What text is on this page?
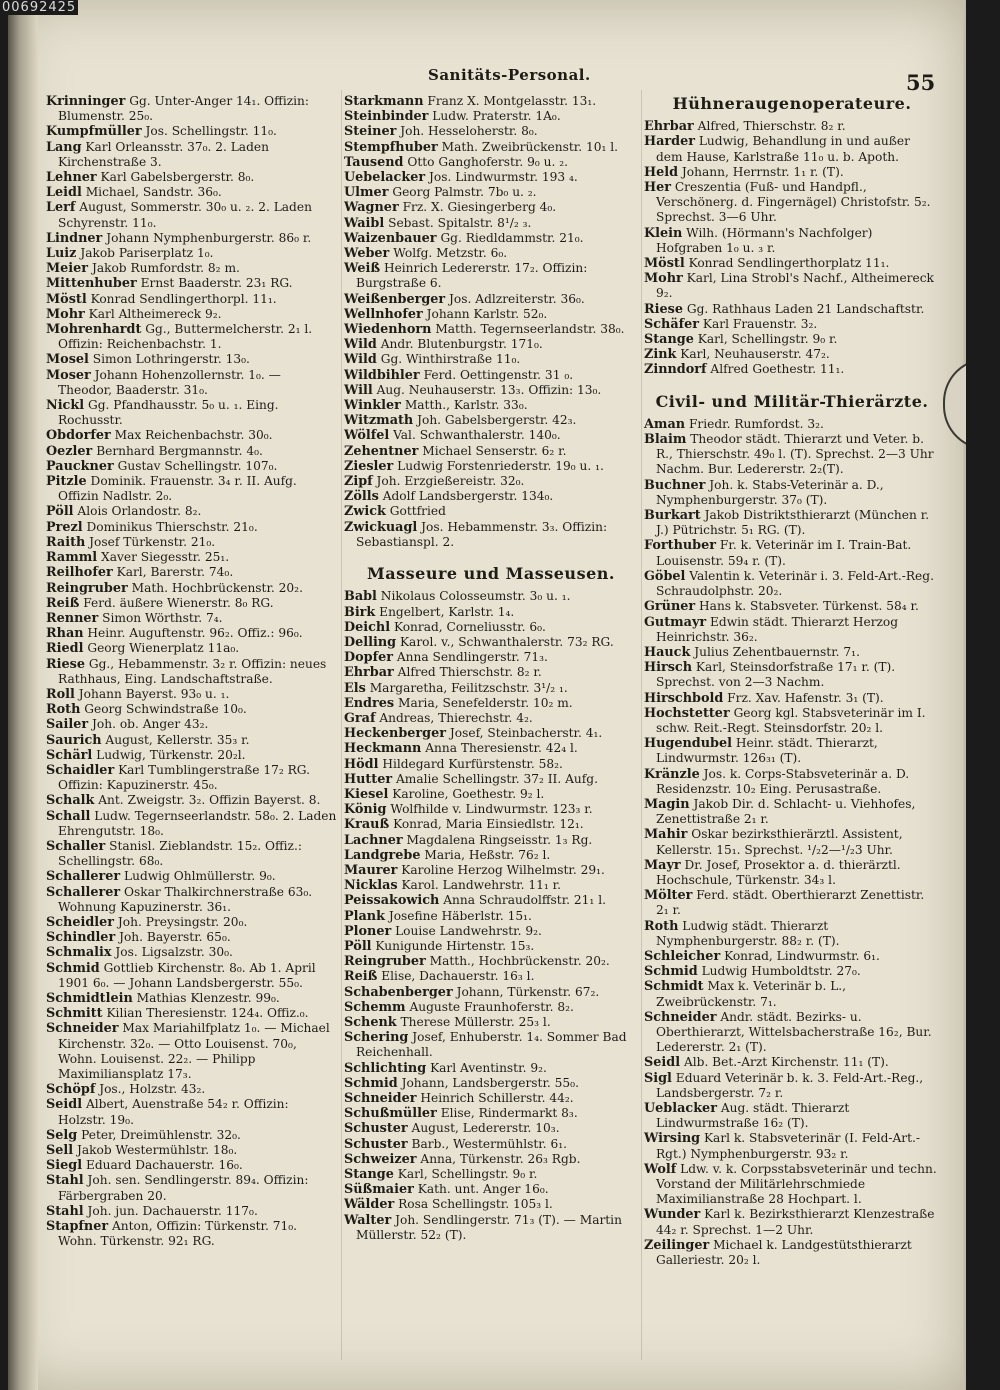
Sanitäts-Personal.	55
Krinninger Gg. Unter-Anger 14₁. Offizin: Blumenstr. 25₀.
Kumpfmüller Jos. Schellingstr. 11₀.
Lang Karl Orleansstr. 37₀. 2. Laden Kirchenstraße 3.
Lehner Karl Gabelsbergerstr. 8₀.
Leidl Michael, Sandstr. 36₀.
Lerf August, Sommerstr. 30₀ u. ₂. 2. Laden Schyrenstr. 11₀.
Lindner Johann Nymphenburgerstr. 86₀ r.
Luiz Jakob Pariserplatz 1₀.
Meier Jakob Rumfordstr. 8₂ m.
Mittenhuber Ernst Baaderstr. 23₁ RG.
Möstl Konrad Sendlingerthorpl. 11₁.
Mohr Karl Altheimereck 9₂.
Mohrenhardt Gg., Buttermelcherstr. 2₁ l. Offizin: Reichenbachstr. 1.
Mosel Simon Lothringerstr. 13₀.
Moser Johann Hohenzollernstr. 1₀. — Theodor, Baaderstr. 31₀.
Nickl Gg. Pfandhausstr. 5₀ u. ₁. Eing. Rochusstr.
Obdorfer Max Reichenbachstr. 30₀.
Oezler Bernhard Bergmannstr. 4₀.
Pauckner Gustav Schellingstr. 107₀.
Pitzle Dominik. Frauenstr. 3₄ r. II. Aufg. Offizin Nadlstr. 2₀.
Pöll Alois Orlandostr. 8₂.
Prezl Dominikus Thierschstr. 21₀.
Raith Josef Türkenstr. 21₀.
Ramml Xaver Siegesstr. 25₁.
Reilhofer Karl, Barerstr. 74₀.
Reingruber Math. Hochbrückenstr. 20₂.
Reiß Ferd. äußere Wienerstr. 8₀ RG.
Renner Simon Wörthstr. 7₄.
Rhan Heinr. Auguftenstr. 96₂. Offiz.: 96₀.
Riedl Georg Wienerplatz 11a₀.
Riese Gg., Hebammenstr. 3₂ r. Offizin: neues Rathhaus, Eing. Landschaftstraße.
Roll Johann Bayerst. 93₀ u. ₁.
Roth Georg Schwindstraße 10₀.
Sailer Joh. ob. Anger 43₂.
Saurich August, Kellerstr. 35₃ r.
Schärl Ludwig, Türkenstr. 20₂l.
Schaidler Karl Tumblingerstraße 17₂ RG. Offizin: Kapuzinerstr. 45₀.
Schalk Ant. Zweigstr. 3₂. Offizin Bayerst. 8.
Schall Ludw. Tegernseerlandstr. 58₀. 2. Laden Ehrengutstr. 18₀.
Schaller Stanisl. Zieblandstr. 15₂. Offiz.: Schellingstr. 68₀.
Schallerer Ludwig Ohlmüllerstr. 9₀.
Schallerer Oskar Thalkirchnerstraße 63₀. Wohnung Kapuzinerstr. 36₁.
Scheidler Joh. Preysingstr. 20₀.
Schindler Joh. Bayerstr. 65₀.
Schmalix Jos. Ligsalzstr. 30₀.
Schmid Gottlieb Kirchenstr. 8₀. Ab 1. April 1901 6₀. — Johann Landsbergerstr. 55₀.
Schmidtlein Mathias Klenzestr. 99₀.
Schmitt Kilian Theresienstr. 124₄. Offiz.₀.
Schneider Max Mariahilfplatz 1₀. — Michael Kirchenstr. 32₀. — Otto Louisenst. 70₀, Wohn. Louisenst. 22₂. — Philipp Maximiliansplatz 17₃.
Schöpf Jos., Holzstr. 43₂.
Seidl Albert, Auenstraße 54₂ r. Offizin: Holzstr. 19₀.
Selg Peter, Dreimühlenstr. 32₀.
Sell Jakob Westermühlstr. 18₀.
Siegl Eduard Dachauerstr. 16₀.
Stahl Joh. sen. Sendlingerstr. 89₄. Offizin: Färbergraben 20.
Stahl Joh. jun. Dachauerstr. 117₀.
Stapfner Anton, Offizin: Türkenstr. 71₀. Wohn. Türkenstr. 92₁ RG.
Starkmann Franz X. Montgelasstr. 13₁.
Steinbinder Ludw. Praterstr. 1A₀.
Steiner Joh. Hesseloherstr. 8₀.
Stempfhuber Math. Zweibrückenstr. 10₁ l.
Tausend Otto Ganghoferstr. 9₀ u. ₂.
Uebelacker Jos. Lindwurmstr. 193 ₄.
Ulmer Georg Palmstr. 7b₀ u. ₂.
Wagner Frz. X. Giesingerberg 4₀.
Waibl Sebast. Spitalstr. 8¹/₂ ₃.
Waizenbauer Gg. Riedldammstr. 21₀.
Weber Wolfg. Metzstr. 6₀.
Weiß Heinrich Ledererstr. 17₂. Offizin: Burgstraße 6.
Weißenberger Jos. Adlzreiterstr. 36₀.
Wellnhofer Johann Karlstr. 52₀.
Wiedenhorn Matth. Tegernseerlandstr. 38₀.
Wild Andr. Blutenburgstr. 171₀.
Wild Gg. Winthirstraße 11₀.
Wildbihler Ferd. Oettingenstr. 31 ₀.
Will Aug. Neuhauserstr. 13₃. Offizin: 13₀.
Winkler Matth., Karlstr. 33₀.
Witzmath Joh. Gabelsbergerstr. 42₃.
Wölfel Val. Schwanthalerstr. 140₀.
Zehentner Michael Senserstr. 6₂ r.
Ziesler Ludwig Forstenriederstr. 19₀ u. ₁.
Zipf Joh. Erzgießereistr. 32₀.
Zölls Adolf Landsbergerstr. 134₀.
Zwick Gottfried
Zwickuagl Jos. Hebammenstr. 3₃. Offizin: Sebastianspl. 2.
Masseure und Masseusen.
Babl Nikolaus Colosseumstr. 3₀ u. ₁.
Birk Engelbert, Karlstr. 1₄.
Deichl Konrad, Corneliusstr. 6₀.
Delling Karol. v., Schwanthalerstr. 73₂ RG.
Dopfer Anna Sendlingerstr. 71₃.
Ehrbar Alfred Thierschstr. 8₂ r.
Els Margaretha, Feilitzschstr. 3¹/₂ ₁.
Endres Maria, Senefelderstr. 10₂ m.
Graf Andreas, Thierechstr. 4₂.
Heckenberger Josef, Steinbacherstr. 4₁.
Heckmann Anna Theresienstr. 42₄ l.
Hödl Hildegard Kurfürstenstr. 58₂.
Hutter Amalie Schellingstr. 37₂ II. Aufg.
Kiesel Karoline, Goethestr. 9₂ l.
König Wolfhilde v. Lindwurmstr. 123₃ r.
Krauß Konrad, Maria Einsiedlstr. 12₁.
Lachner Magdalena Ringseisstr. 1₃ Rg.
Landgrebe Maria, Heßstr. 76₂ l.
Maurer Karoline Herzog Wilhelmstr. 29₁.
Nicklas Karol. Landwehrstr. 11₁ r.
Peissakowich Anna Schraudolffstr. 21₁ l.
Plank Josefine Häberlstr. 15₁.
Ploner Louise Landwehrstr. 9₂.
Pöll Kunigunde Hirtenstr. 15₃.
Reingruber Matth., Hochbrückenstr. 20₂.
Reiß Elise, Dachauerstr. 16₃ l.
Schabenberger Johann, Türkenstr. 67₂.
Schemm Auguste Fraunhoferstr. 8₂.
Schenk Therese Müllerstr. 25₃ l.
Schering Josef, Enhuberstr. 1₄. Sommer Bad Reichenhall.
Schlichting Karl Aventinstr. 9₂.
Schmid Johann, Landsbergerstr. 55₀.
Schneider Heinrich Schillerstr. 44₂.
Schußmüller Elise, Rindermarkt 8₃.
Schuster August, Ledererstr. 10₃.
Schuster Barb., Westermühlstr. 6₁.
Schweizer Anna, Türkenstr. 26₃ Rgb.
Stange Karl, Schellingstr. 9₀ r.
Süßmaier Kath. unt. Anger 16₀.
Wälder Rosa Schellingstr. 105₃ l.
Walter Joh. Sendlingerstr. 71₃ (T). — Martin Müllerstr. 52₂ (T).
Hühneraugenoperateure.
Ehrbar Alfred, Thierschstr. 8₂ r.
Harder Ludwig, Behandlung in und außer dem Hause, Karlstraße 11₀ u. b. Apoth.
Held Johann, Herrnstr. 1₁ r. (T).
Her Creszentia (Fuß- und Handpfl., Verschönerg. d. Fingernägel) Christofstr. 5₂. Sprechst. 3—6 Uhr.
Klein Wilh. (Hörmann's Nachfolger) Hofgraben 1₀ u. ₃ r.
Möstl Konrad Sendlingerthorplatz 11₁.
Mohr Karl, Lina Strobl's Nachf., Altheimereck 9₂.
Riese Gg. Rathhaus Laden 21 Landschaftstr.
Schäfer Karl Frauenstr. 3₂.
Stange Karl, Schellingstr. 9₀ r.
Zink Karl, Neuhauserstr. 47₂.
Zinndorf Alfred Goethestr. 11₁.
Civil- und Militär-Thierärzte.
Aman Friedr. Rumfordst. 3₂.
Blaim Theodor städt. Thierarzt und Veter. b. R., Thierschstr. 49₀ l. (T). Sprechst. 2—3 Uhr Nachm. Bur. Ledererstr. 2₂(T).
Buchner Joh. k. Stabs-Veterinär a. D., Nymphenburgerstr. 37₀ (T).
Burkart Jakob Distriktsthierarzt (München r. J.) Pütrichstr. 5₁ RG. (T).
Forthuber Fr. k. Veterinär im I. Train-Bat. Louisenstr. 59₄ r. (T).
Göbel Valentin k. Veterinär i. 3. Feld-Art.-Reg. Schraudolphstr. 20₂.
Grüner Hans k. Stabsveter. Türkenst. 58₄ r.
Gutmayr Edwin städt. Thierarzt Herzog Heinrichstr. 36₂.
Hauck Julius Zehentbauernstr. 7₁.
Hirsch Karl, Steinsdorfstraße 17₁ r. (T). Sprechst. von 2—3 Nachm.
Hirschbold Frz. Xav. Hafenstr. 3₁ (T).
Hochstetter Georg kgl. Stabsveterinär im I. schw. Reit.-Regt. Steinsdorfstr. 20₂ l.
Hugendubel Heinr. städt. Thierarzt, Lindwurmstr. 126₃₁ (T).
Kränzle Jos. k. Corps-Stabsveterinär a. D. Residenzstr. 10₂ Eing. Perusastraße.
Magin Jakob Dir. d. Schlacht- u. Viehhofes, Zenettistraße 2₁ r.
Mahir Oskar bezirksthierärztl. Assistent, Kellerstr. 15₁. Sprechst. ¹/₂2—¹/₂3 Uhr.
Mayr Dr. Josef, Prosektor a. d. thierärztl. Hochschule, Türkenstr. 34₃ l.
Mölter Ferd. städt. Oberthierarzt Zenettistr. 2₁ r.
Roth Ludwig städt. Thierarzt Nymphenburgerstr. 88₂ r. (T).
Schleicher Konrad, Lindwurmstr. 6₁.
Schmid Ludwig Humboldtstr. 27₀.
Schmidt Max k. Veterinär b. L., Zweibrückenstr. 7₁.
Schneider Andr. städt. Bezirks- u. Oberthierarzt, Wittelsbacherstraße 16₂, Bur. Ledererstr. 2₁ (T).
Seidl Alb. Bet.-Arzt Kirchenstr. 11₁ (T).
Sigl Eduard Veterinär b. k. 3. Feld-Art.-Reg., Landsbergerstr. 7₂ r.
Ueblacker Aug. städt. Thierarzt Lindwurmstraße 16₂ (T).
Wirsing Karl k. Stabsveterinär (I. Feld-Art.-Rgt.) Nymphenburgerstr. 93₂ r.
Wolf Ldw. v. k. Corpsstabsveterinär und techn. Vorstand der Militärlehrschmiede Maximilianstraße 28 Hochpart. l.
Wunder Karl k. Bezirksthierarzt Klenzestraße 44₂ r. Sprechst. 1—2 Uhr.
Zeilinger Michael k. Landgestütsthierarzt Galleriestr. 20₂ l.
00692425
